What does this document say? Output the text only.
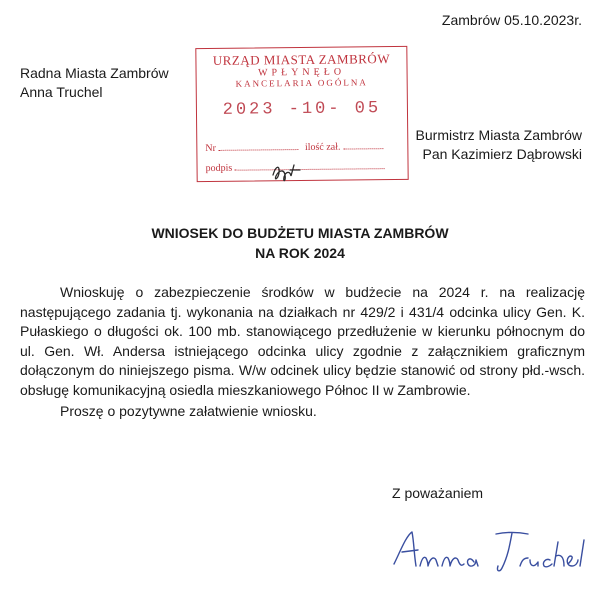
Zambrów 05.10.2023r.
Radna Miasta Zambrów
Anna Truchel
URZĄD MIASTA ZAMBRÓW
WPŁYNĘŁO
KANCELARIA OGÓLNA
2023 -10- 05
Nr	ilość zał.
podpis
Burmistrz Miasta Zambrów
Pan Kazimierz Dąbrowski
WNIOSEK DO BUDŻETU MIASTA ZAMBRÓW
NA ROK 2024

Wnioskuję o zabezpieczenie środków w budżecie na 2024 r. na realizację następującego zadania tj. wykonania na działkach nr 429/2 i 431/4 odcinka ulicy Gen. K. Pułaskiego o długości ok. 100 mb. stanowiącego przedłużenie w kierunku północnym do ul. Gen. Wł. Andersa istniejącego odcinka ulicy zgodnie z załącznikiem graficznym dołączonym do niniejszego pisma. W/w odcinek ulicy będzie stanowić od strony płd.-wsch. obsługę komunikacyjną osiedla mieszkaniowego Północ II w Zambrowie.

Proszę o pozytywne załatwienie wniosku.

Z poważaniem
